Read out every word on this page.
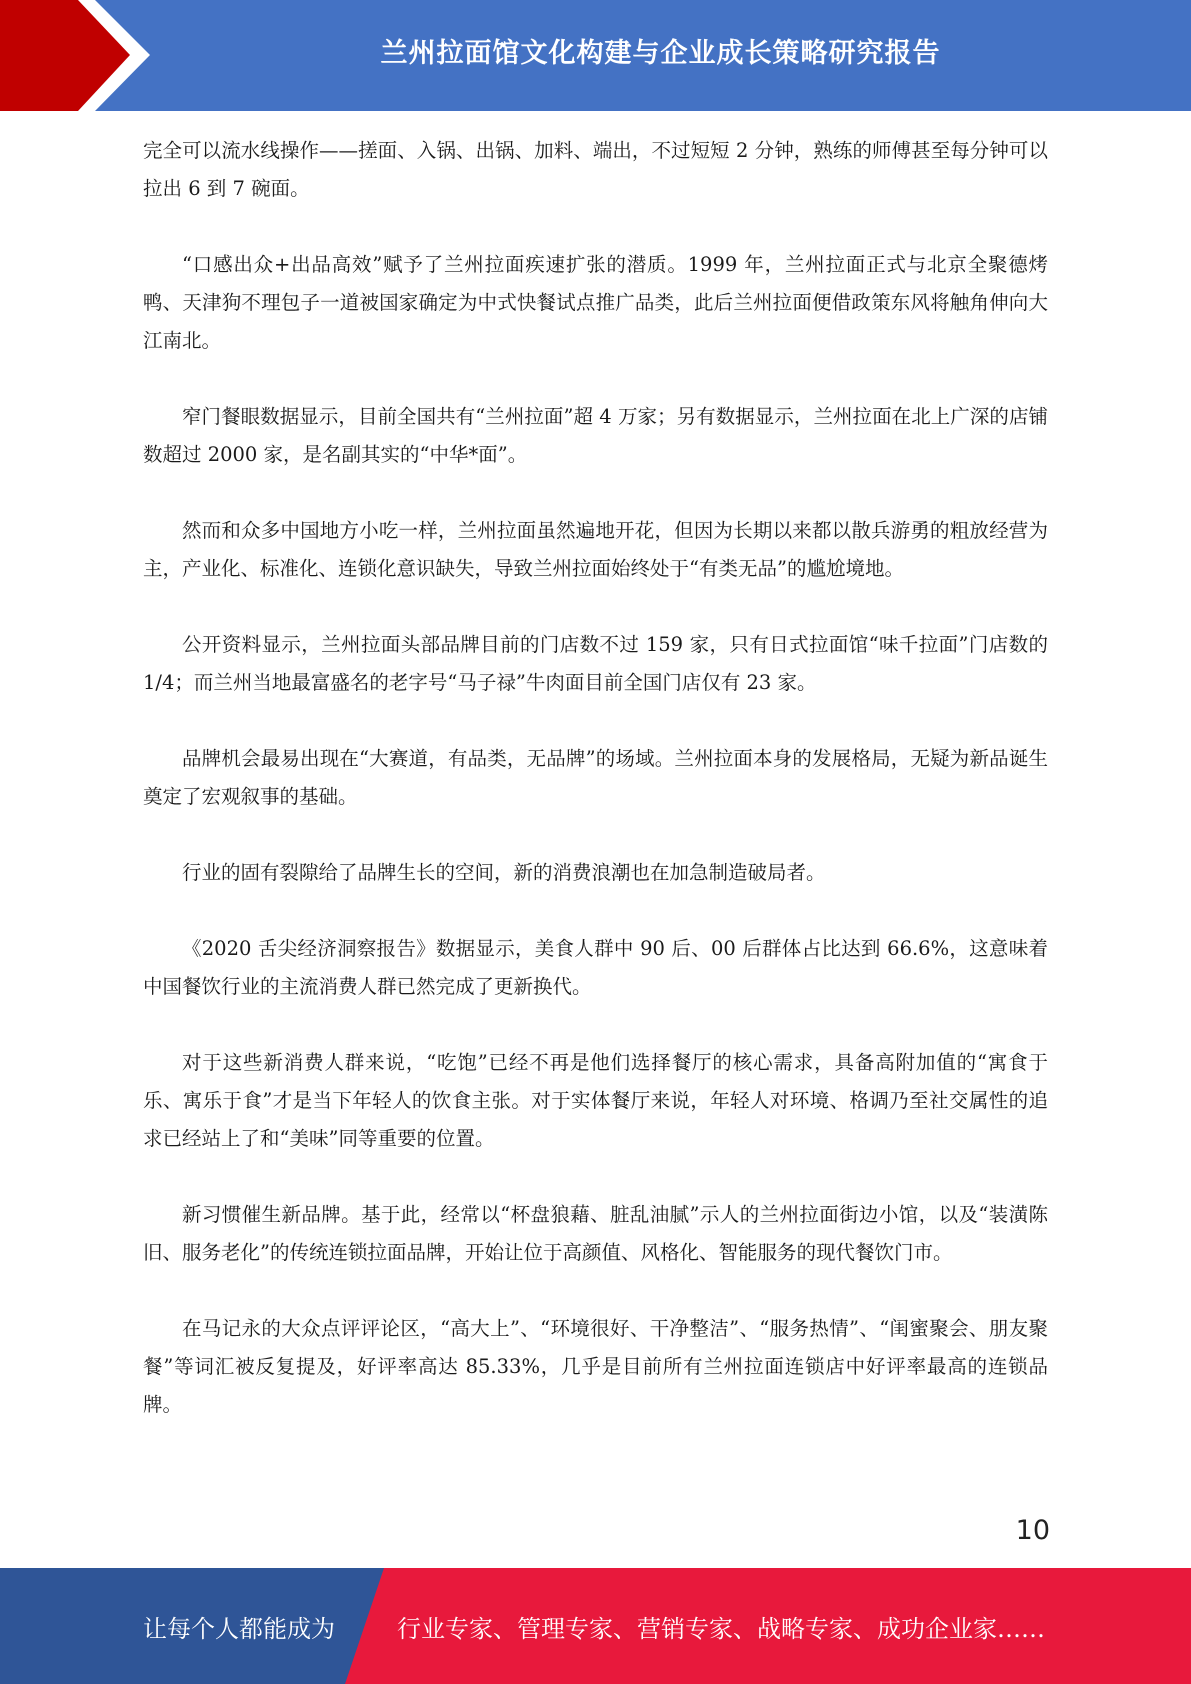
兰州拉面馆文化构建与企业成长策略研究报告

完全可以流水线操作——搓面、入锅、出锅、加料、端出，不过短短 2 分钟，熟练的师傅甚至每分钟可以拉出 6 到 7 碗面。

“口感出众+出品高效”赋予了兰州拉面疾速扩张的潜质。1999 年，兰州拉面正式与北京全聚德烤鸭、天津狗不理包子一道被国家确定为中式快餐试点推广品类，此后兰州拉面便借政策东风将触角伸向大江南北。

窄门餐眼数据显示，目前全国共有“兰州拉面”超 4 万家；另有数据显示，兰州拉面在北上广深的店铺数超过 2000 家，是名副其实的“中华*面”。

然而和众多中国地方小吃一样，兰州拉面虽然遍地开花，但因为长期以来都以散兵游勇的粗放经营为主，产业化、标准化、连锁化意识缺失，导致兰州拉面始终处于“有类无品”的尴尬境地。

公开资料显示，兰州拉面头部品牌目前的门店数不过 159 家，只有日式拉面馆“味千拉面”门店数的 1/4；而兰州当地最富盛名的老字号“马子禄”牛肉面目前全国门店仅有 23 家。

品牌机会最易出现在“大赛道，有品类，无品牌”的场域。兰州拉面本身的发展格局，无疑为新品诞生奠定了宏观叙事的基础。

行业的固有裂隙给了品牌生长的空间，新的消费浪潮也在加急制造破局者。

《2020 舌尖经济洞察报告》数据显示，美食人群中 90 后、00 后群体占比达到 66.6%，这意味着中国餐饮行业的主流消费人群已然完成了更新换代。

对于这些新消费人群来说，“吃饱”已经不再是他们选择餐厅的核心需求，具备高附加值的“寓食于乐、寓乐于食”才是当下年轻人的饮食主张。对于实体餐厅来说，年轻人对环境、格调乃至社交属性的追求已经站上了和“美味”同等重要的位置。

新习惯催生新品牌。基于此，经常以“杯盘狼藉、脏乱油腻”示人的兰州拉面街边小馆，以及“装潢陈旧、服务老化”的传统连锁拉面品牌，开始让位于高颜值、风格化、智能服务的现代餐饮门市。

在马记永的大众点评评论区，“高大上”、“环境很好、干净整洁”、“服务热情”、“闺蜜聚会、朋友聚餐”等词汇被反复提及，好评率高达 85.33%，几乎是目前所有兰州拉面连锁店中好评率最高的连锁品牌。

10
让每个人都能成为	行业专家、管理专家、营销专家、战略专家、成功企业家……
